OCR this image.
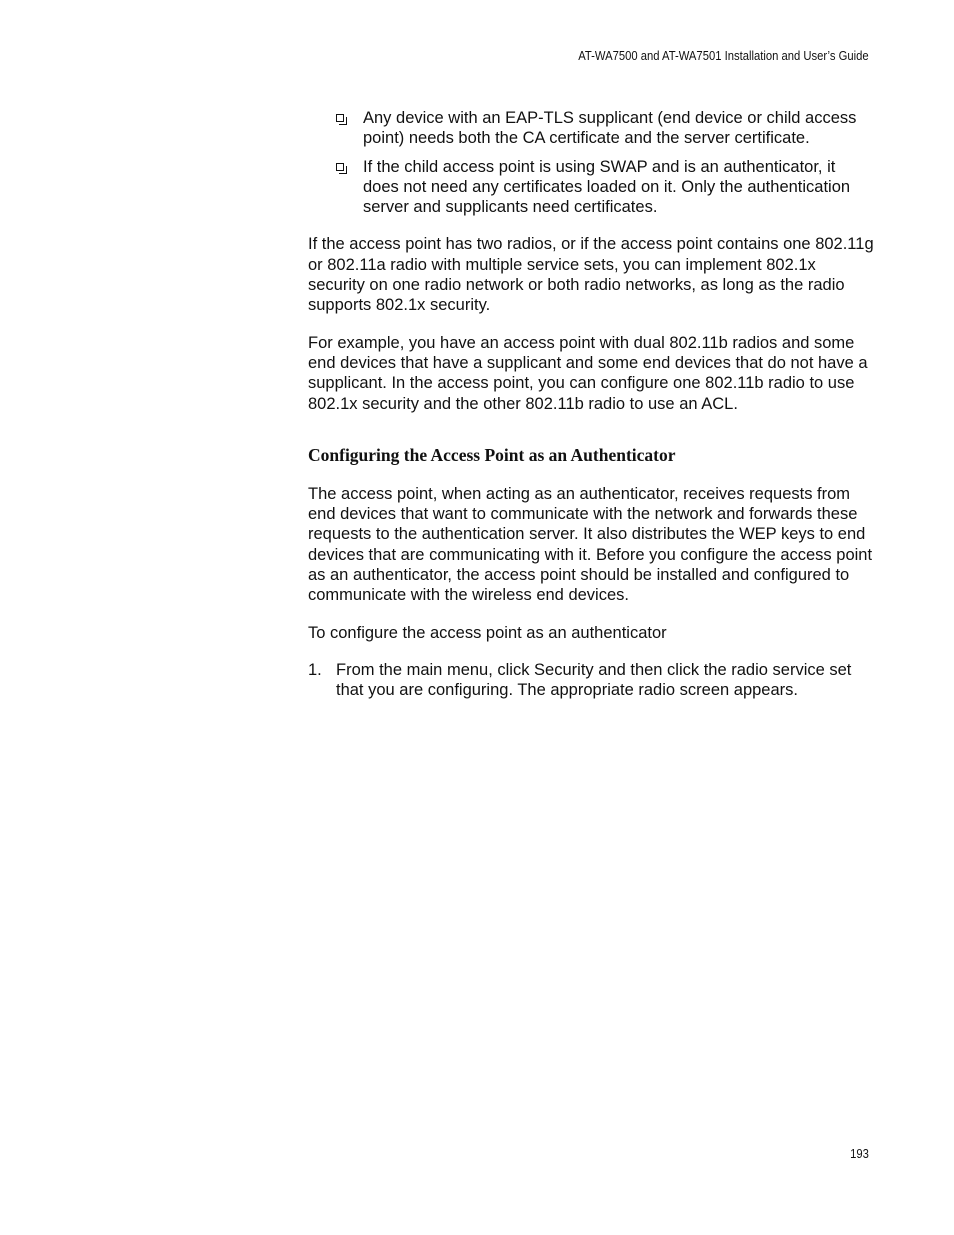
AT-WA7500 and AT-WA7501 Installation and User’s Guide
Any device with an EAP-TLS supplicant (end device or child access point) needs both the CA certificate and the server certificate.
If the child access point is using SWAP and is an authenticator, it does not need any certificates loaded on it. Only the authentication server and supplicants need certificates.

If the access point has two radios, or if the access point contains one 802.11g or 802.11a radio with multiple service sets, you can implement 802.1x security on one radio network or both radio networks, as long as the radio supports 802.1x security.

For example, you have an access point with dual 802.11b radios and some end devices that have a supplicant and some end devices that do not have a supplicant. In the access point, you can configure one 802.11b radio to use 802.1x security and the other 802.11b radio to use an ACL.

Configuring the Access Point as an Authenticator

The access point, when acting as an authenticator, receives requests from end devices that want to communicate with the network and forwards these requests to the authentication server. It also distributes the WEP keys to end devices that are communicating with it. Before you configure the access point as an authenticator, the access point should be installed and configured to communicate with the wireless end devices.

To configure the access point as an authenticator

1. From the main menu, click Security and then click the radio service set that you are configuring. The appropriate radio screen appears.
193
